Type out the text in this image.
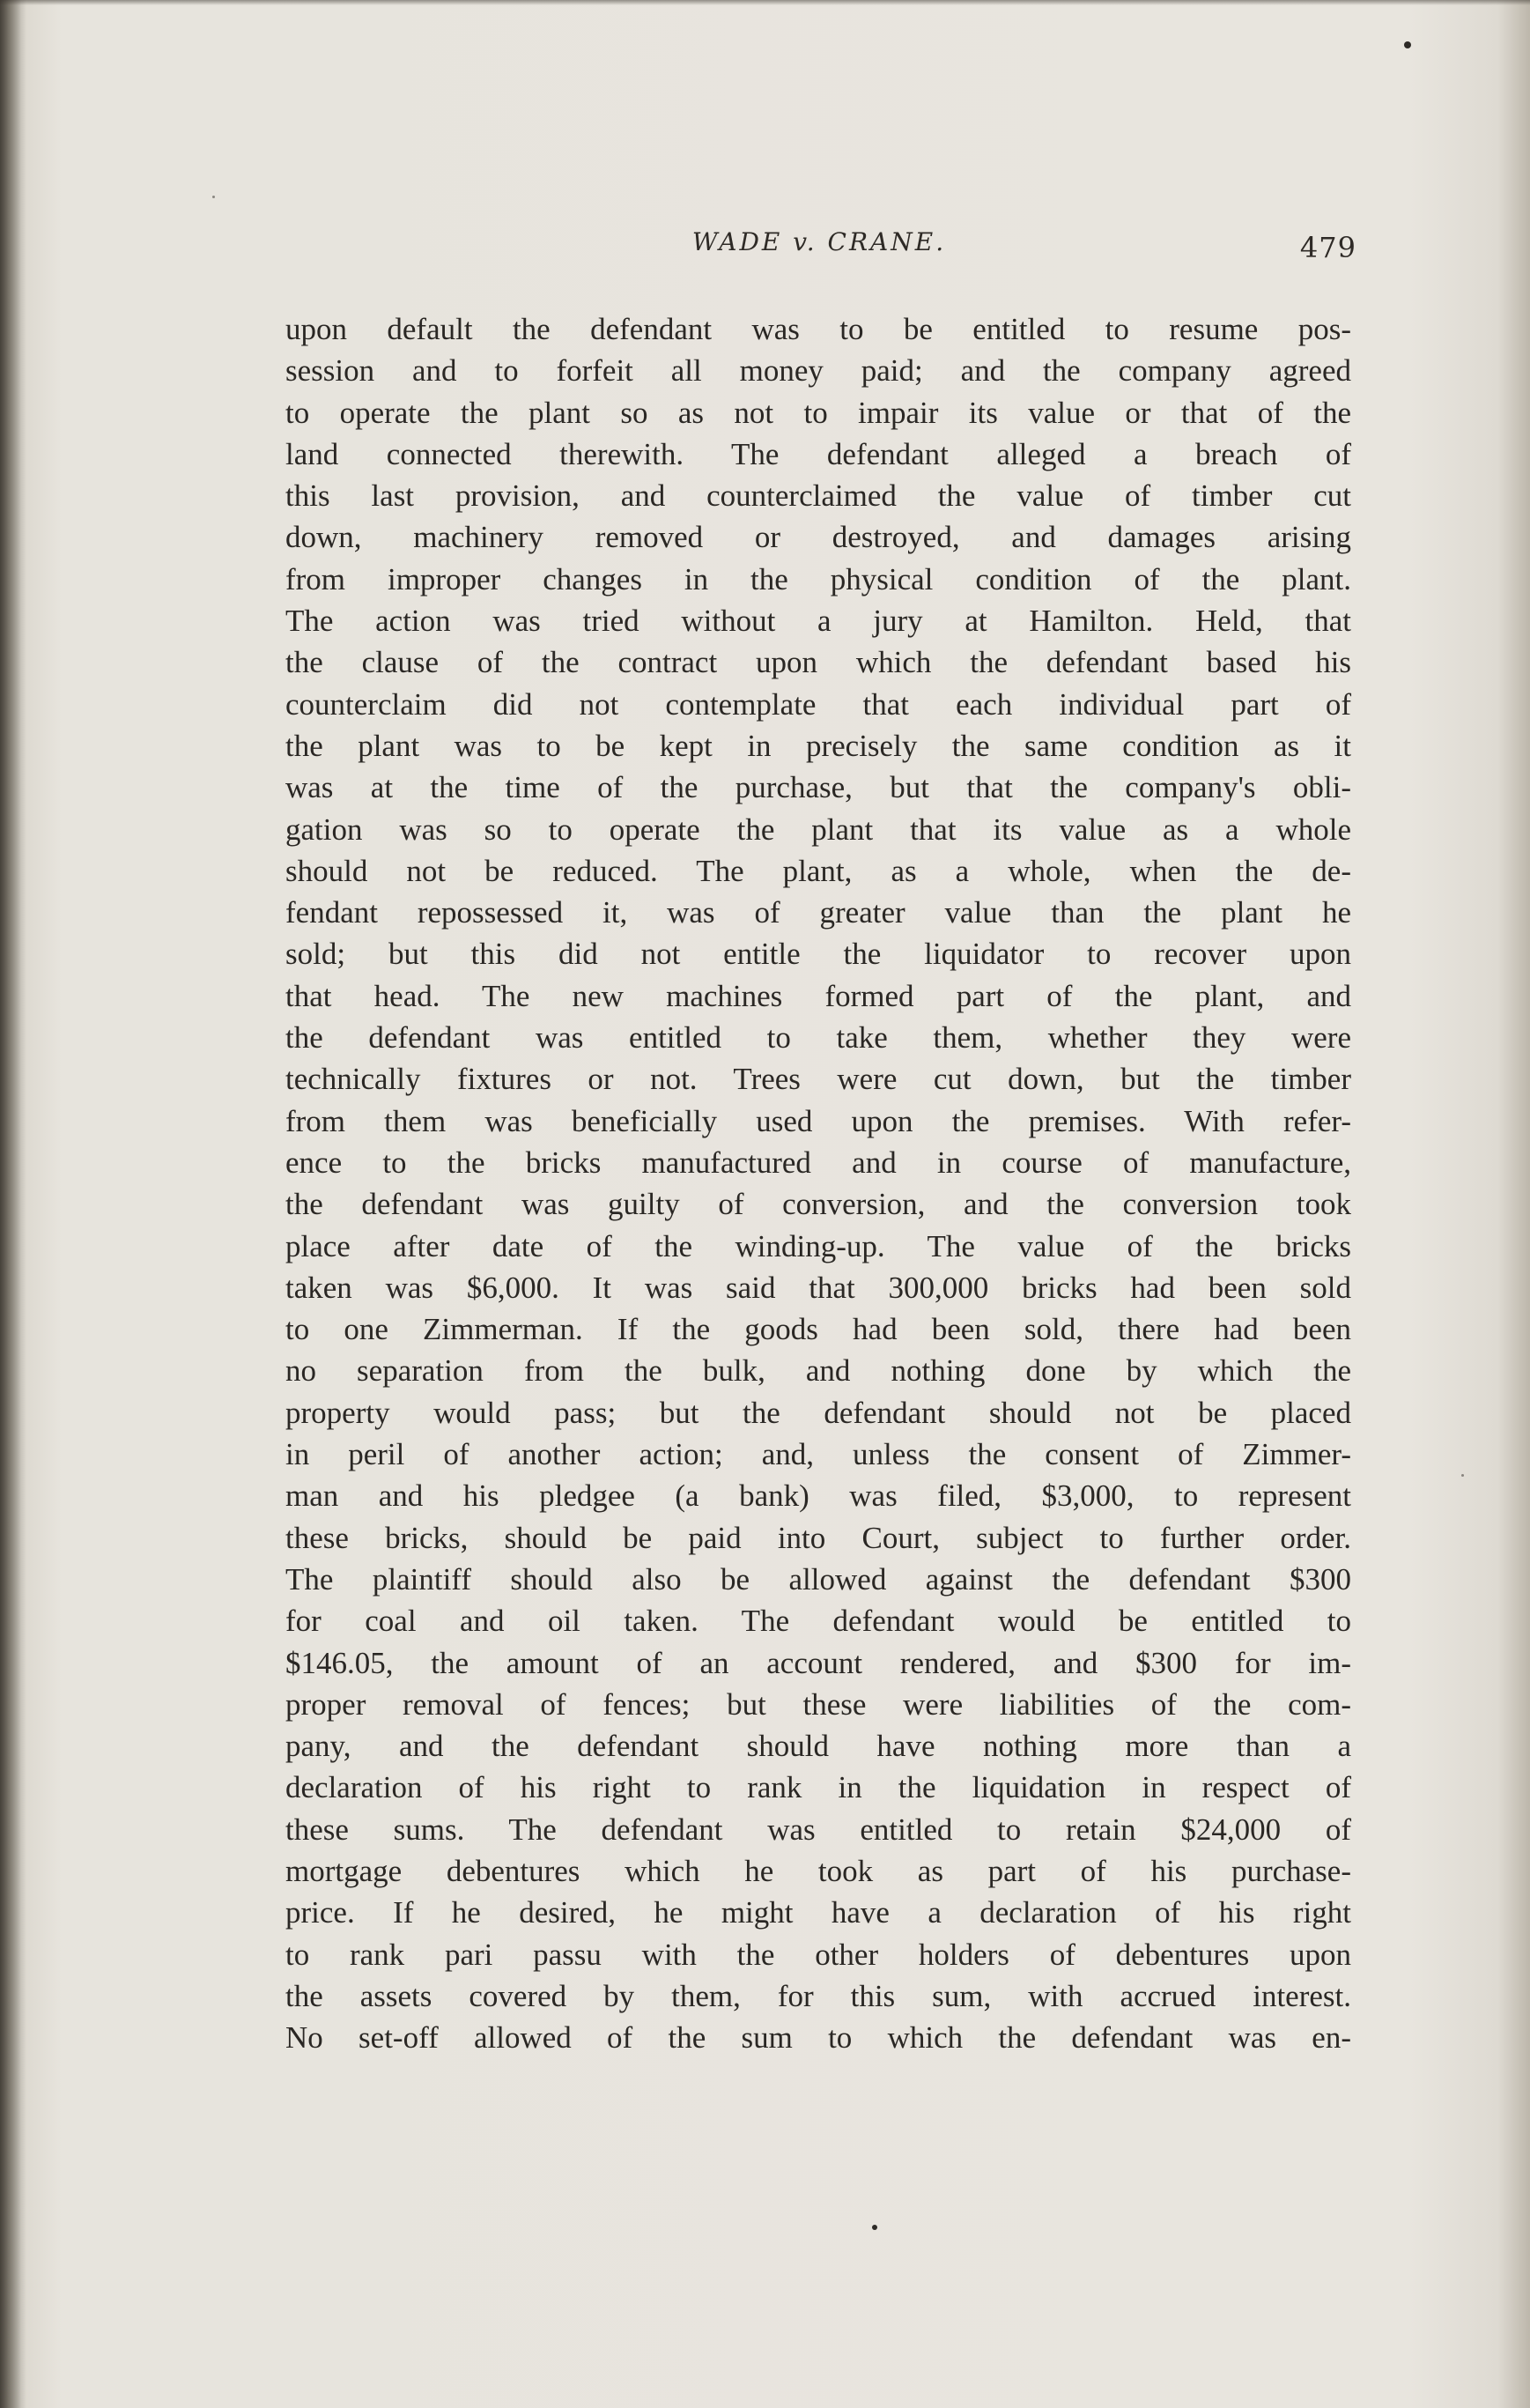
WADE v. CRANE.	479
upon default the defendant was to be entitled to resume pos-
session and to forfeit all money paid; and the company agreed
to operate the plant so as not to impair its value or that of the
land connected therewith. The defendant alleged a breach of
this last provision, and counterclaimed the value of timber cut
down, machinery removed or destroyed, and damages arising
from improper changes in the physical condition of the plant.
The action was tried without a jury at Hamilton. Held, that
the clause of the contract upon which the defendant based his
counterclaim did not contemplate that each individual part of
the plant was to be kept in precisely the same condition as it
was at the time of the purchase, but that the company's obli-
gation was so to operate the plant that its value as a whole
should not be reduced. The plant, as a whole, when the de-
fendant repossessed it, was of greater value than the plant he
sold; but this did not entitle the liquidator to recover upon
that head. The new machines formed part of the plant, and
the defendant was entitled to take them, whether they were
technically fixtures or not. Trees were cut down, but the timber
from them was beneficially used upon the premises. With refer-
ence to the bricks manufactured and in course of manufacture,
the defendant was guilty of conversion, and the conversion took
place after date of the winding-up. The value of the bricks
taken was $6,000. It was said that 300,000 bricks had been sold
to one Zimmerman. If the goods had been sold, there had been
no separation from the bulk, and nothing done by which the
property would pass; but the defendant should not be placed
in peril of another action; and, unless the consent of Zimmer-
man and his pledgee (a bank) was filed, $3,000, to represent
these bricks, should be paid into Court, subject to further order.
The plaintiff should also be allowed against the defendant $300
for coal and oil taken. The defendant would be entitled to
$146.05, the amount of an account rendered, and $300 for im-
proper removal of fences; but these were liabilities of the com-
pany, and the defendant should have nothing more than a
declaration of his right to rank in the liquidation in respect of
these sums. The defendant was entitled to retain $24,000 of
mortgage debentures which he took as part of his purchase-
price. If he desired, he might have a declaration of his right
to rank pari passu with the other holders of debentures upon
the assets covered by them, for this sum, with accrued interest.
No set-off allowed of the sum to which the defendant was en-
